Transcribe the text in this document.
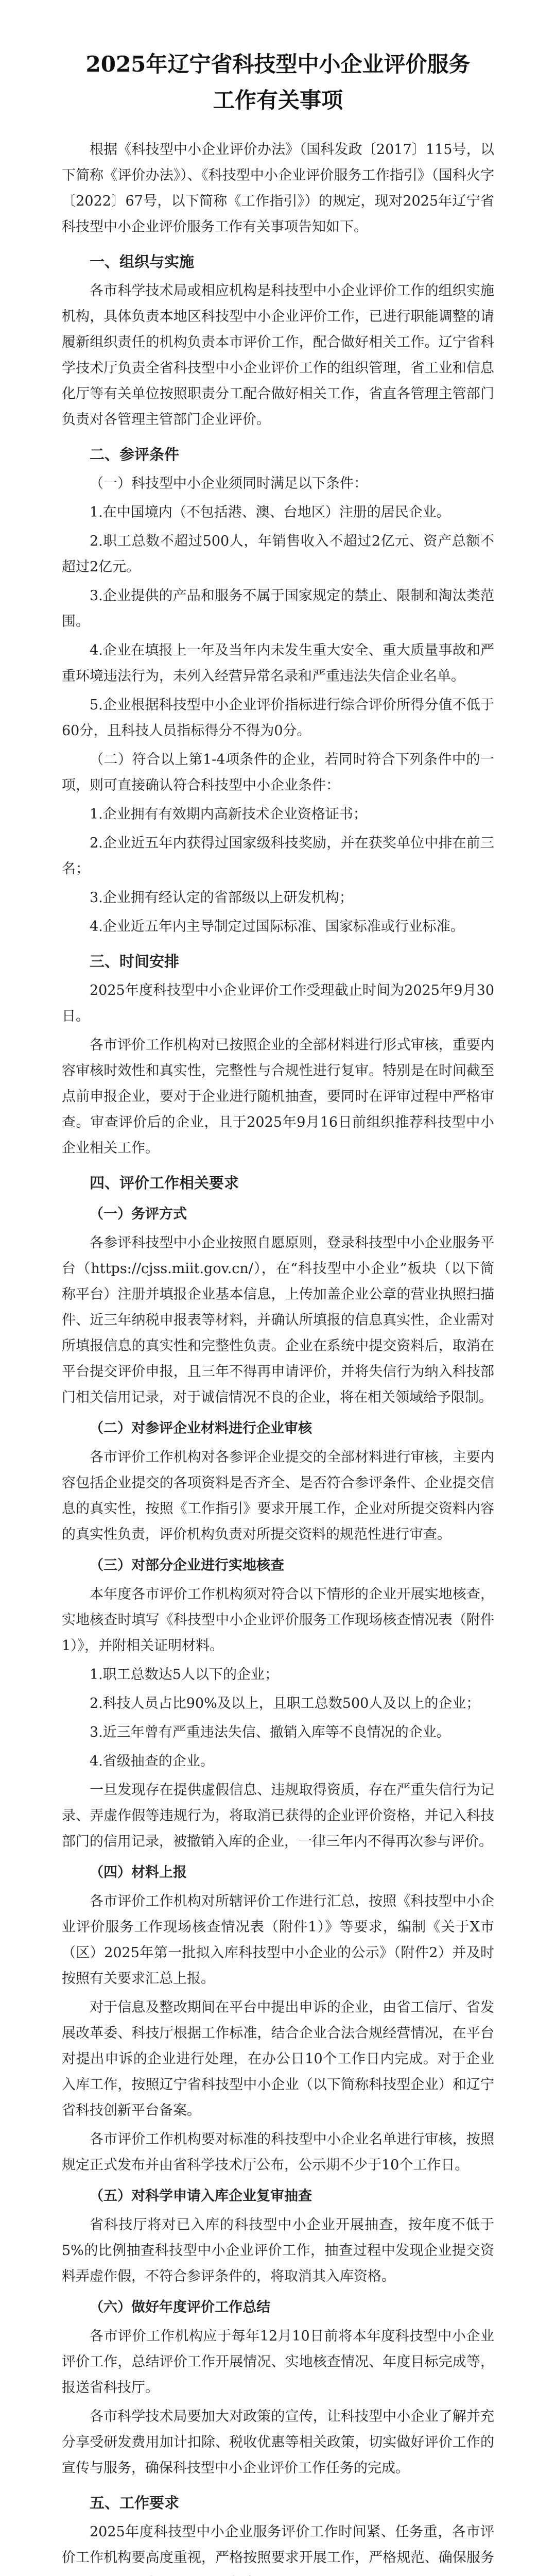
2025年辽宁省科技型中小企业评价服务
工作有关事项

根据《科技型中小企业评价办法》（国科发政〔2017〕115号，以下简称《评价办法》）、《科技型中小企业评价服务工作指引》（国科火字〔2022〕67号，以下简称《工作指引》）的规定，现对2025年辽宁省科技型中小企业评价服务工作有关事项告知如下。

一、组织与实施

各市科学技术局或相应机构是科技型中小企业评价工作的组织实施机构，具体负责本地区科技型中小企业评价工作，已进行职能调整的请履新组织责任的机构负责本市评价工作，配合做好相关工作。辽宁省科学技术厅负责全省科技型中小企业评价工作的组织管理，省工业和信息化厅等有关单位按照职责分工配合做好相关工作，省直各管理主管部门负责对各管理主管部门企业评价。

二、参评条件

（一）科技型中小企业须同时满足以下条件：

1.在中国境内（不包括港、澳、台地区）注册的居民企业。

2.职工总数不超过500人，年销售收入不超过2亿元、资产总额不超过2亿元。

3.企业提供的产品和服务不属于国家规定的禁止、限制和淘汰类范围。

4.企业在填报上一年及当年内未发生重大安全、重大质量事故和严重环境违法行为，未列入经营异常名录和严重违法失信企业名单。

5.企业根据科技型中小企业评价指标进行综合评价所得分值不低于60分，且科技人员指标得分不得为0分。

（二）符合以上第1-4项条件的企业，若同时符合下列条件中的一项，则可直接确认符合科技型中小企业条件：

1.企业拥有有效期内高新技术企业资格证书；

2.企业近五年内获得过国家级科技奖励，并在获奖单位中排在前三名；

3.企业拥有经认定的省部级以上研发机构；

4.企业近五年内主导制定过国际标准、国家标准或行业标准。

三、时间安排

2025年度科技型中小企业评价工作受理截止时间为2025年9月30日。

各市评价工作机构对已按照企业的全部材料进行形式审核，重要内容审核时效性和真实性，完整性与合规性进行复审。特别是在时间截至点前申报企业，要对于企业进行随机抽查，要同时在评审过程中严格审查。审查评价后的企业，且于2025年9月16日前组织推荐科技型中小企业相关工作。

四、评价工作相关要求
（一）务评方式

各参评科技型中小企业按照自愿原则，登录科技型中小企业服务平台（https://cjss.miit.gov.cn/），在“科技型中小企业”板块（以下简称平台）注册并填报企业基本信息，上传加盖企业公章的营业执照扫描件、近三年纳税申报表等材料，并确认所填报的信息真实性，企业需对所填报信息的真实性和完整性负责。企业在系统中提交资料后，取消在平台提交评价申报，且三年不得再申请评价，并将失信行为纳入科技部门相关信用记录，对于诚信情况不良的企业，将在相关领域给予限制。

（二）对参评企业材料进行企业审核

各市评价工作机构对各参评企业提交的全部材料进行审核，主要内容包括企业提交的各项资料是否齐全、是否符合参评条件、企业提交信息的真实性，按照《工作指引》要求开展工作，企业对所提交资料内容的真实性负责，评价机构负责对所提交资料的规范性进行审查。

（三）对部分企业进行实地核查

本年度各市评价工作机构须对符合以下情形的企业开展实地核查，实地核查时填写《科技型中小企业评价服务工作现场核查情况表（附件1）》，并附相关证明材料。

1.职工总数达5人以下的企业；

2.科技人员占比90%及以上，且职工总数500人及以上的企业；

3.近三年曾有严重违法失信、撤销入库等不良情况的企业。

4.省级抽查的企业。

一旦发现存在提供虚假信息、违规取得资质，存在严重失信行为记录、弄虚作假等违规行为，将取消已获得的企业评价资格，并记入科技部门的信用记录，被撤销入库的企业，一律三年内不得再次参与评价。

（四）材料上报

各市评价工作机构对所辖评价工作进行汇总，按照《科技型中小企业评价服务工作现场核查情况表（附件1）》等要求，编制《关于X市（区）2025年第一批拟入库科技型中小企业的公示》（附件2）并及时按照有关要求汇总上报。

对于信息及整改期间在平台中提出申诉的企业，由省工信厅、省发展改革委、科技厅根据工作标准，结合企业合法合规经营情况，在平台对提出申诉的企业进行处理，在办公日10个工作日内完成。对于企业入库工作，按照辽宁省科技型中小企业（以下简称科技型企业）和辽宁省科技创新平台备案。

各市评价工作机构要对标准的科技型中小企业名单进行审核，按照规定正式发布并由省科学技术厅公布，公示期不少于10个工作日。

（五）对科学申请入库企业复审抽查

省科技厅将对已入库的科技型中小企业开展抽查，按年度不低于5%的比例抽查科技型中小企业评价工作，抽查过程中发现企业提交资料弄虚作假，不符合参评条件的，将取消其入库资格。

（六）做好年度评价工作总结

各市评价工作机构应于每年12月10日前将本年度科技型中小企业评价工作，总结评价工作开展情况、实地核查情况、年度目标完成等，报送省科技厅。

各市科学技术局要加大对政策的宣传，让科技型中小企业了解并充分享受研发费用加计扣除、税收优惠等相关政策，切实做好评价工作的宣传与服务，确保科技型中小企业评价工作任务的完成。

五、工作要求

2025年度科技型中小企业服务评价工作时间紧、任务重，各市评价工作机构要高度重视，严格按照要求开展工作，严格规范、确保服务
